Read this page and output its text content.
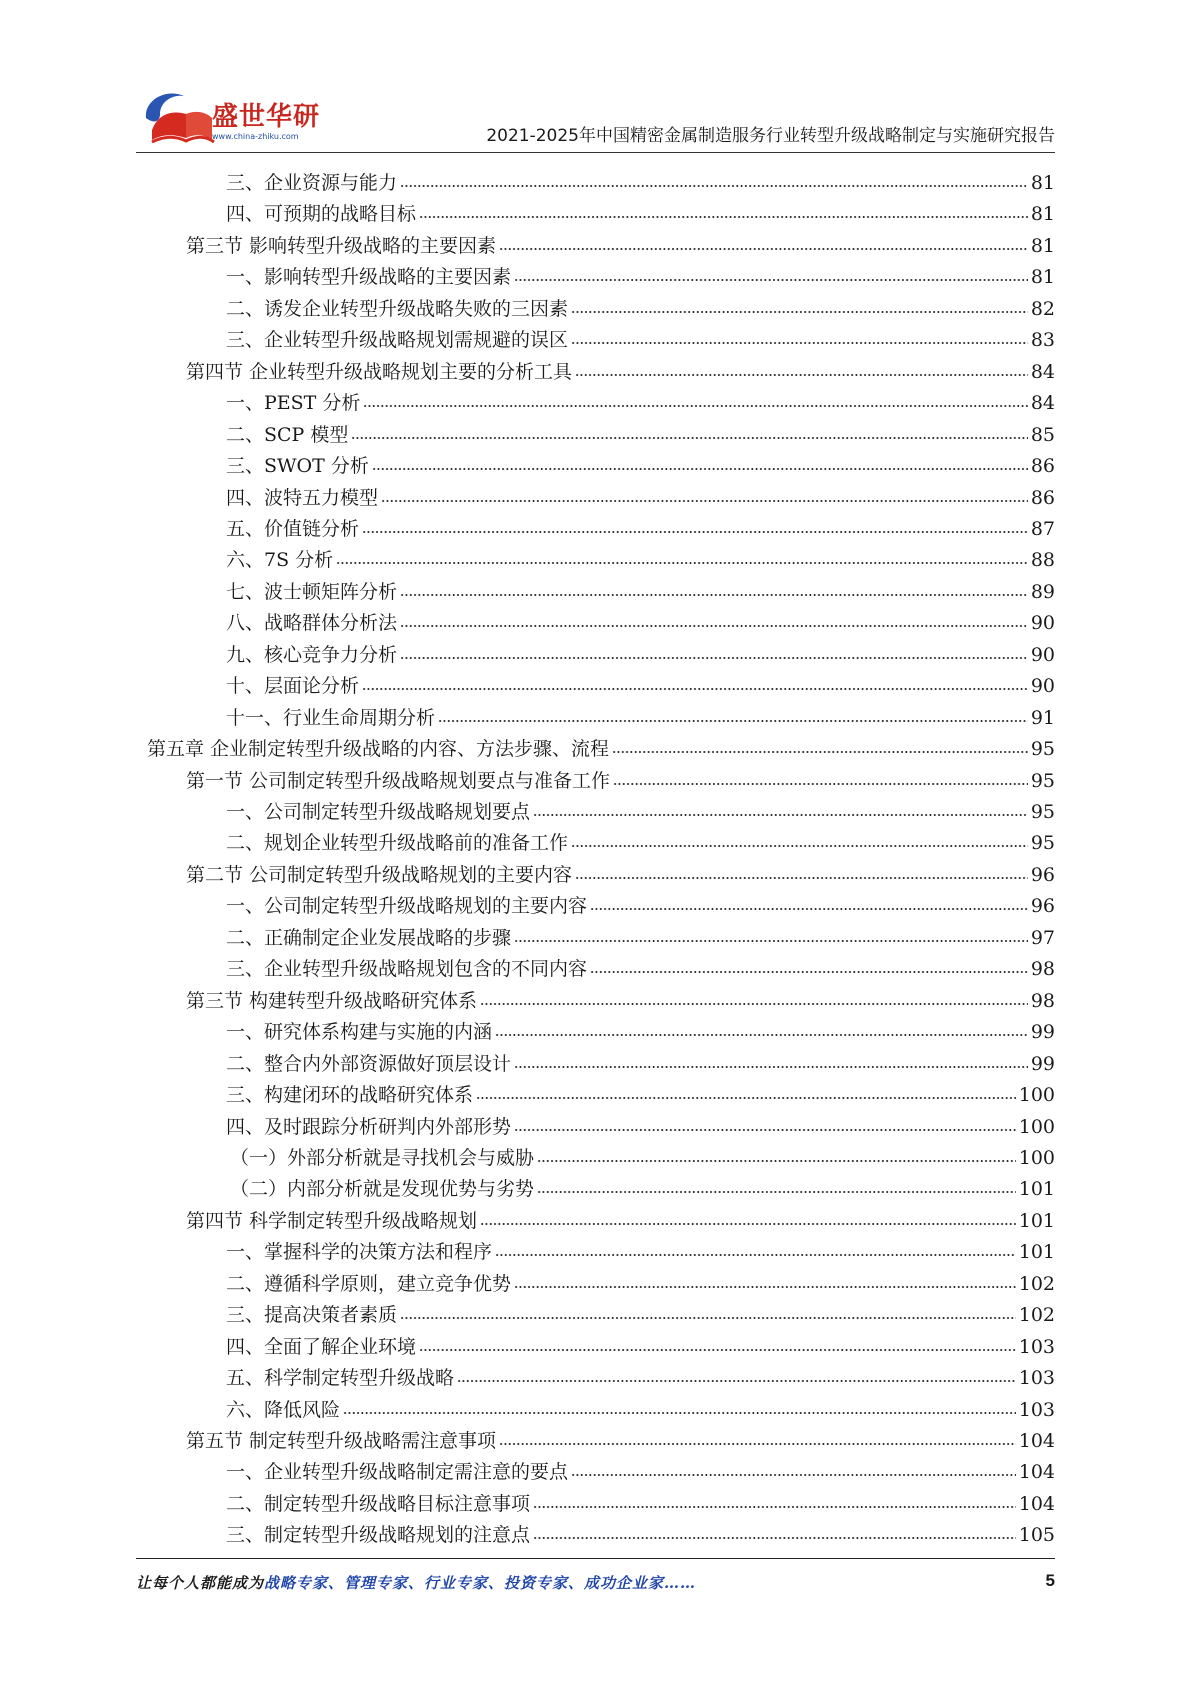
盛世华研
www.china-zhiku.com	2021-2025年中国精密金属制造服务行业转型升级战略制定与实施研究报告
三、企业资源与能力	81
四、可预期的战略目标	81
第三节 影响转型升级战略的主要因素	81
一、影响转型升级战略的主要因素	81
二、诱发企业转型升级战略失败的三因素	82
三、企业转型升级战略规划需规避的误区	83
第四节 企业转型升级战略规划主要的分析工具	84
一、PEST 分析	84
二、SCP 模型	85
三、SWOT 分析	86
四、波特五力模型	86
五、价值链分析	87
六、7S 分析	88
七、波士顿矩阵分析	89
八、战略群体分析法	90
九、核心竞争力分析	90
十、层面论分析	90
十一、行业生命周期分析	91
第五章 企业制定转型升级战略的内容、方法步骤、流程	95
第一节 公司制定转型升级战略规划要点与准备工作	95
一、公司制定转型升级战略规划要点	95
二、规划企业转型升级战略前的准备工作	95
第二节 公司制定转型升级战略规划的主要内容	96
一、公司制定转型升级战略规划的主要内容	96
二、正确制定企业发展战略的步骤	97
三、企业转型升级战略规划包含的不同内容	98
第三节 构建转型升级战略研究体系	98
一、研究体系构建与实施的内涵	99
二、整合内外部资源做好顶层设计	99
三、构建闭环的战略研究体系	100
四、及时跟踪分析研判内外部形势	100
（一）外部分析就是寻找机会与威胁	100
（二）内部分析就是发现优势与劣势	101
第四节 科学制定转型升级战略规划	101
一、掌握科学的决策方法和程序	101
二、遵循科学原则，建立竞争优势	102
三、提高决策者素质	102
四、全面了解企业环境	103
五、科学制定转型升级战略	103
六、降低风险	103
第五节 制定转型升级战略需注意事项	104
一、企业转型升级战略制定需注意的要点	104
二、制定转型升级战略目标注意事项	104
三、制定转型升级战略规划的注意点	105
让每个人都能成为战略专家、管理专家、行业专家、投资专家、成功企业家……	5
